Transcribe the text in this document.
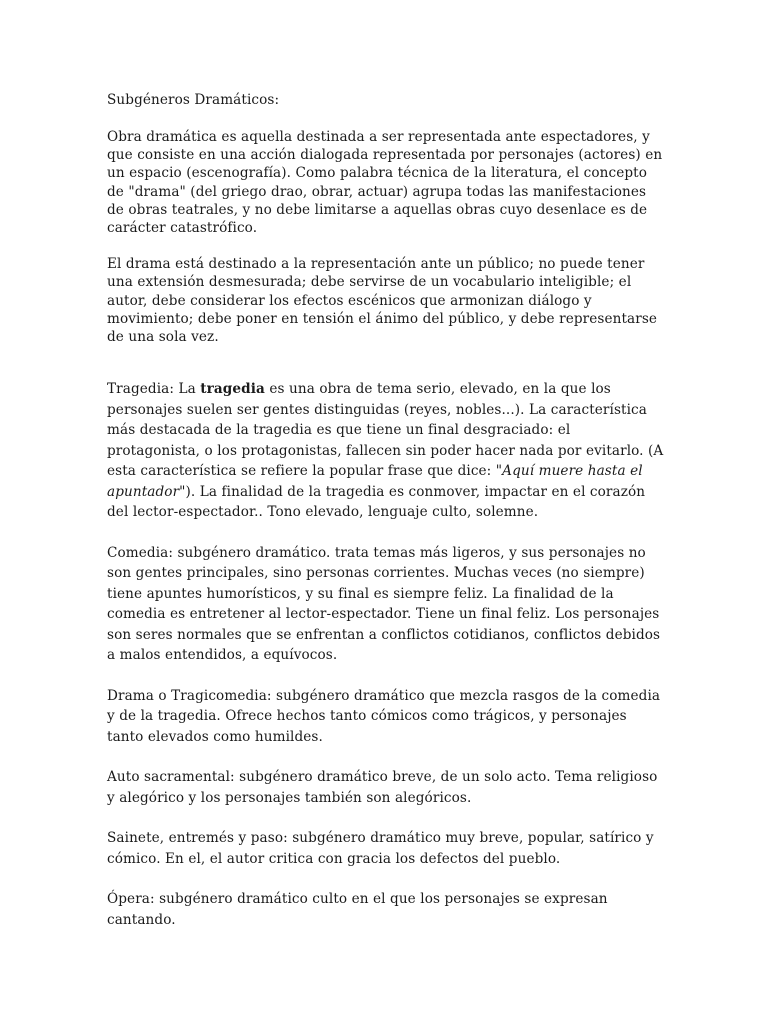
Subgéneros Dramáticos:

Obra dramática es aquella destinada a ser representada ante espectadores, y que consiste en una acción dialogada representada por personajes (actores) en un espacio (escenografía). Como palabra técnica de la literatura, el concepto de "drama" (del griego drao, obrar, actuar) agrupa todas las manifestaciones de obras teatrales, y no debe limitarse a aquellas obras cuyo desenlace es de carácter catastrófico.

El drama está destinado a la representación ante un público; no puede tener una extensión desmesurada; debe servirse de un vocabulario inteligible; el autor, debe considerar los efectos escénicos que armonizan diálogo y movimiento; debe poner en tensión el ánimo del público, y debe representarse de una sola vez.

Tragedia: La tragedia es una obra de tema serio, elevado, en la que los personajes suelen ser gentes distinguidas (reyes, nobles...). La característica más destacada de la tragedia es que tiene un final desgraciado: el protagonista, o los protagonistas, fallecen sin poder hacer nada por evitarlo. (A esta característica se refiere la popular frase que dice: "Aquí muere hasta el apuntador"). La finalidad de la tragedia es conmover, impactar en el corazón del lector-espectador.. Tono elevado, lenguaje culto, solemne.

Comedia: subgénero dramático. trata temas más ligeros, y sus personajes no son gentes principales, sino personas corrientes. Muchas veces (no siempre) tiene apuntes humorísticos, y su final es siempre feliz. La finalidad de la comedia es entretener al lector-espectador. Tiene un final feliz. Los personajes son seres normales que se enfrentan a conflictos cotidianos, conflictos debidos a malos entendidos, a equívocos.

Drama o Tragicomedia: subgénero dramático que mezcla rasgos de la comedia y de la tragedia. Ofrece hechos tanto cómicos como trágicos, y personajes tanto elevados como humildes.

Auto sacramental: subgénero dramático breve, de un solo acto. Tema religioso y alegórico y los personajes también son alegóricos.

Sainete, entremés y paso: subgénero dramático muy breve, popular, satírico y cómico. En el, el autor critica con gracia los defectos del pueblo.

Ópera: subgénero dramático culto en el que los personajes se expresan cantando.
